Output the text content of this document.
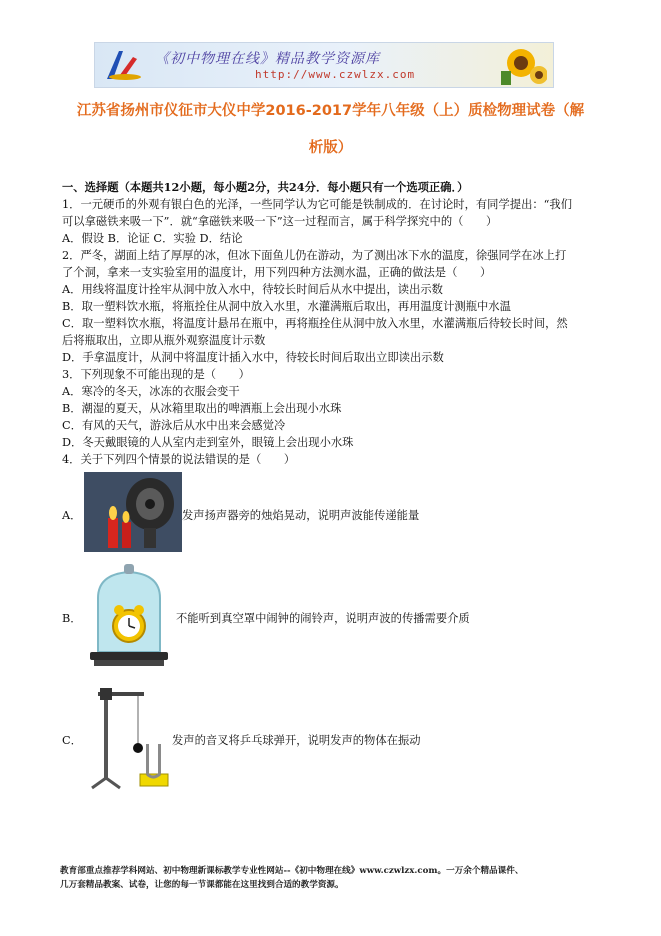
《初中物理在线》精品教学资源库
http://www.czwlzx.com
江苏省扬州市仪征市大仪中学2016-2017学年八年级（上）质检物理试卷（解
析版）
一、选择题（本题共12小题，每小题2分，共24分．每小题只有一个选项正确．）
1．一元硬币的外观有银白色的光泽，一些同学认为它可能是铁制成的．在讨论时，有同学提出：“我们
可以拿磁铁来吸一下”．就“拿磁铁来吸一下”这一过程而言，属于科学探究中的（　　）
A．假设 B．论证 C．实验 D．结论
2．严冬，湖面上结了厚厚的冰，但冰下面鱼儿仍在游动，为了测出冰下水的温度，徐强同学在冰上打
了个洞，拿来一支实验室用的温度计，用下列四种方法测水温，正确的做法是（　　）
A．用线将温度计拴牢从洞中放入水中，待较长时间后从水中提出，读出示数
B．取一塑料饮水瓶，将瓶拴住从洞中放入水里，水灌满瓶后取出，再用温度计测瓶中水温
C．取一塑料饮水瓶，将温度计悬吊在瓶中，再将瓶拴住从洞中放入水里，水灌满瓶后待较长时间，然
后将瓶取出，立即从瓶外观察温度计示数
D．手拿温度计，从洞中将温度计插入水中，待较长时间后取出立即读出示数
3．下列现象不可能出现的是（　　）
A．寒冷的冬天，冰冻的衣服会变干
B．潮湿的夏天，从冰箱里取出的啤酒瓶上会出现小水珠
C．有风的天气，游泳后从水中出来会感觉冷
D．冬天戴眼镜的人从室内走到室外，眼镜上会出现小水珠
4．关于下列四个情景的说法错误的是（　　）
A．	发声扬声器旁的烛焰晃动，说明声波能传递能量
B．	不能听到真空罩中闹钟的闹铃声，说明声波的传播需要介质
C．	发声的音叉将乒乓球弹开，说明发声的物体在振动
教育部重点推荐学科网站、初中物理新课标教学专业性网站--《初中物理在线》www.czwlzx.com。一万余个精品课件、
几万套精品教案、试卷，让您的每一节课都能在这里找到合适的教学资源。
